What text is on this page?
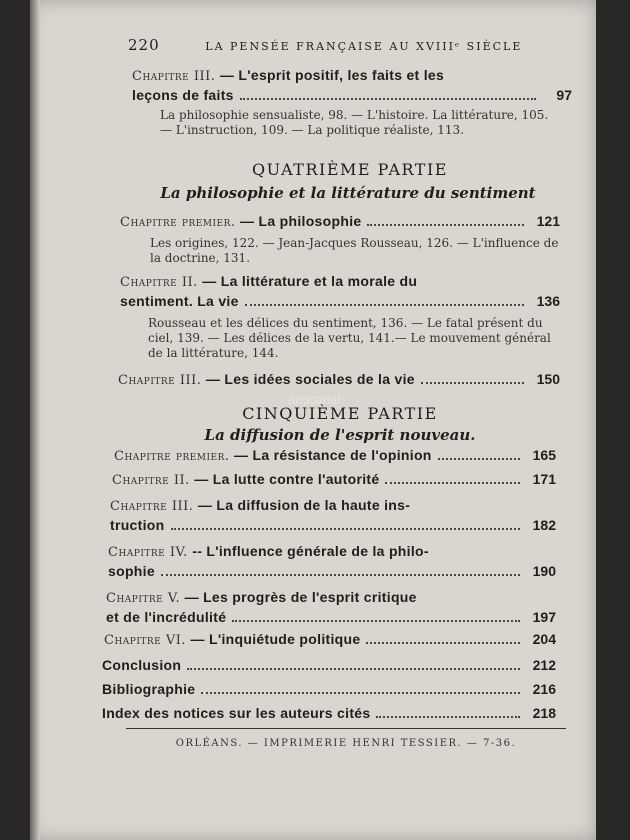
220	LA PENSÉE FRANÇAISE AU XVIIIᵉ SIÈCLE
Chapitre III. — L'esprit positif, les faits et les
leçons de faits	97
La philosophie sensualiste, 98. — L'histoire. La littérature, 105. — L'instruction, 109. — La politique réaliste, 113.
QUATRIÈME PARTIE
La philosophie et la littérature du sentiment
Chapitre premier.
— La philosophie	121
Les origines, 122. — Jean-Jacques Rousseau, 126. — L'influence de la doctrine, 131.
Chapitre II. — La littérature et la morale du
sentiment. La vie	136
Rousseau et les délices du sentiment, 136. — Le fatal présent du ciel, 139. — Les délices de la vertu, 141.— Le mouvement général de la littérature, 144.
Chapitre III.
— Les idées sociales de la vie	150
anticariat
CINQUIÈME PARTIE
La diffusion de l'esprit nouveau.
Chapitre premier.
— La résistance de l'opinion	165
Chapitre II.
— La lutte contre l'autorité	171
Chapitre III. — La diffusion de la haute ins-
truction	182
Chapitre IV. -- L'influence générale de la philo-
sophie	190
Chapitre V. — Les progrès de l'esprit critique
et de l'incrédulité	197
Chapitre VI.
— L'inquiétude politique	204
Conclusion	212
Bibliographie	216
Index des notices sur les auteurs cités	218
ORLÉANS. — IMPRIMERIE HENRI TESSIER. — 7-36.
